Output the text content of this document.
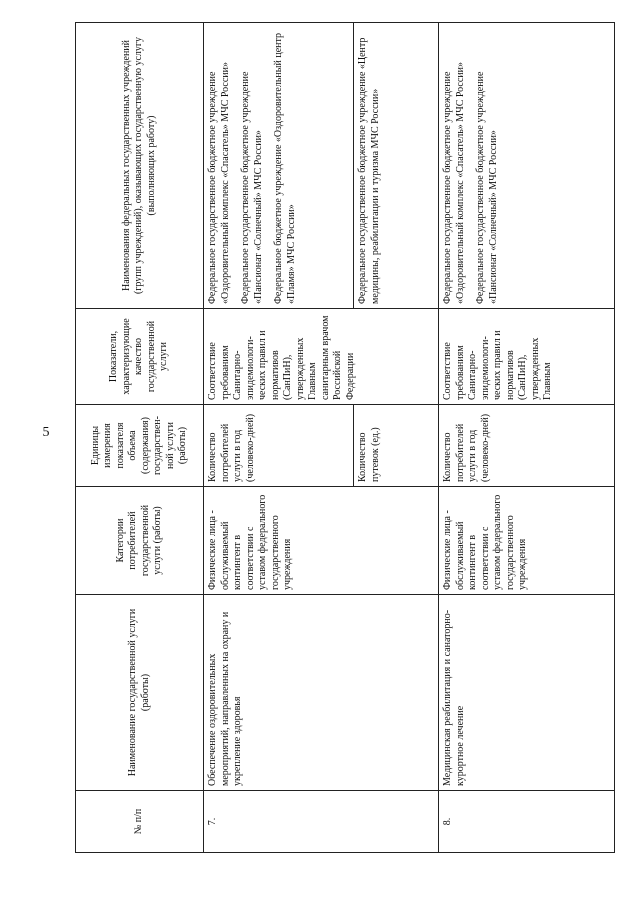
5
№ п/п	Наименование государственной услуги (работы)	Категории потребителей государственной услуги (работы)	Единицы измерения показателя объема (содержания) государствен-ной услуги (работы)	Показатели, характеризующие качество государственной услуги	Наименования федеральных государственных учреждений (групп учреждений), оказывающих государственную услугу (выполняющих работу)
7.	Обеспечение оздоровительных мероприятий, направленных на охрану и укрепление здоровья	Физические лица - обслуживаемый контингент в соответствии с уставом федерального государственного учреждения	Количество потребителей услуги в год (человеко-дней)	Соответствие требованиям Санитарно-эпидемиологи-ческих правил и нормативов (СанПиН), утвержденных Главным санитарным врачом Российской Федерации	Федеральное государственное бюджетное учреждение «Оздоровительный комплекс «Спасатель» МЧС России» Федеральное государственное бюджетное учреждение «Пансионат «Солнечный» МЧС России» Федеральное бюджетное учреждение «Оздоровительный центр «Пламя» МЧС России»

			Количество путевок (ед.)		Федеральное государственное бюджетное учреждение «Центр медицины, реабилитации и туризма МЧС России»
8.	Медицинская реабилитация и санаторно-курортное лечение	Физические лица - обслуживаемый контингент в соответствии с уставом федерального государственного учреждения	Количество потребителей услуги в год (человеко-дней)	Соответствие требованиям Санитарно-эпидемиологи-ческих правил и нормативов (СанПиН), утвержденных Главным	Федеральное государственное бюджетное учреждение «Оздоровительный комплекс «Спасатель» МЧС России» Федеральное государственное бюджетное учреждение «Пансионат «Солнечный» МЧС России»
